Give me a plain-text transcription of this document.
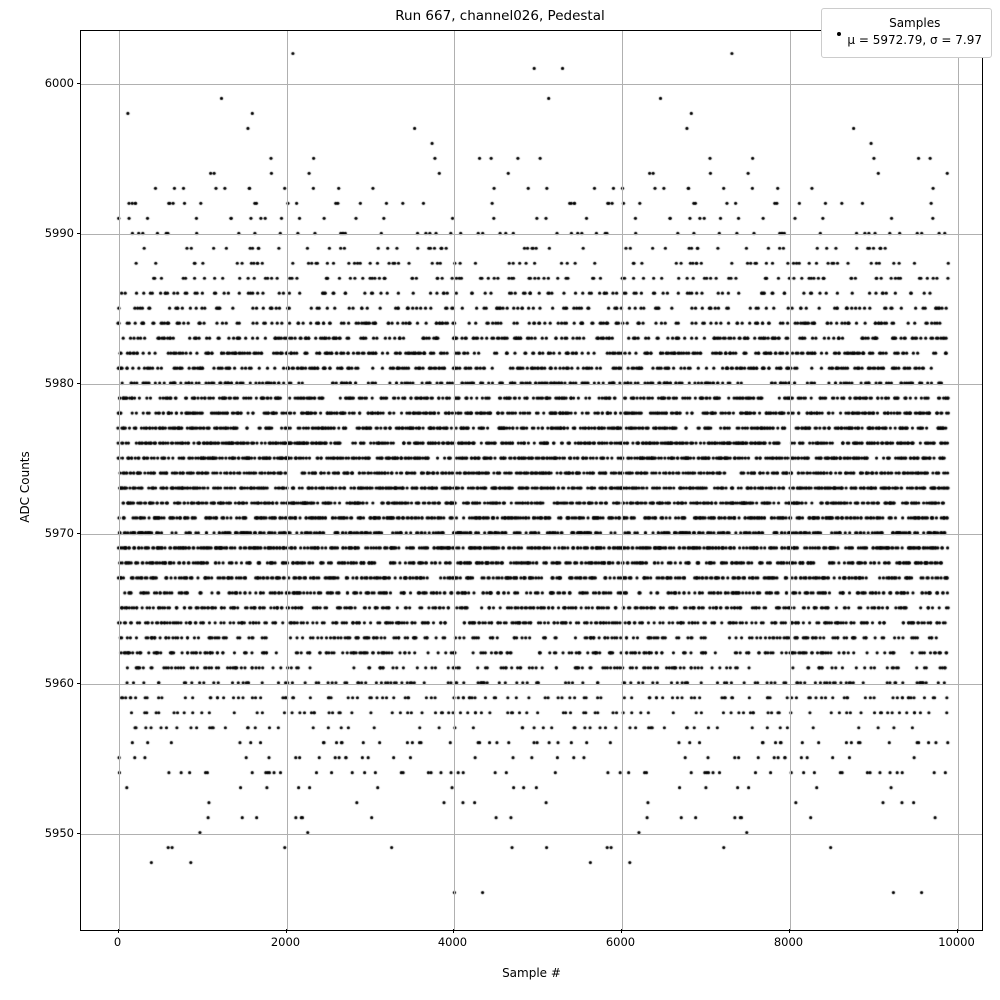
Run 667, channel026, Pedestal
Sample #
ADC Counts
Samples
μ = 5972.79, σ = 7.97
0	2000	4000	6000	8000	10000
5950
5960
5970
5980
5990
6000
